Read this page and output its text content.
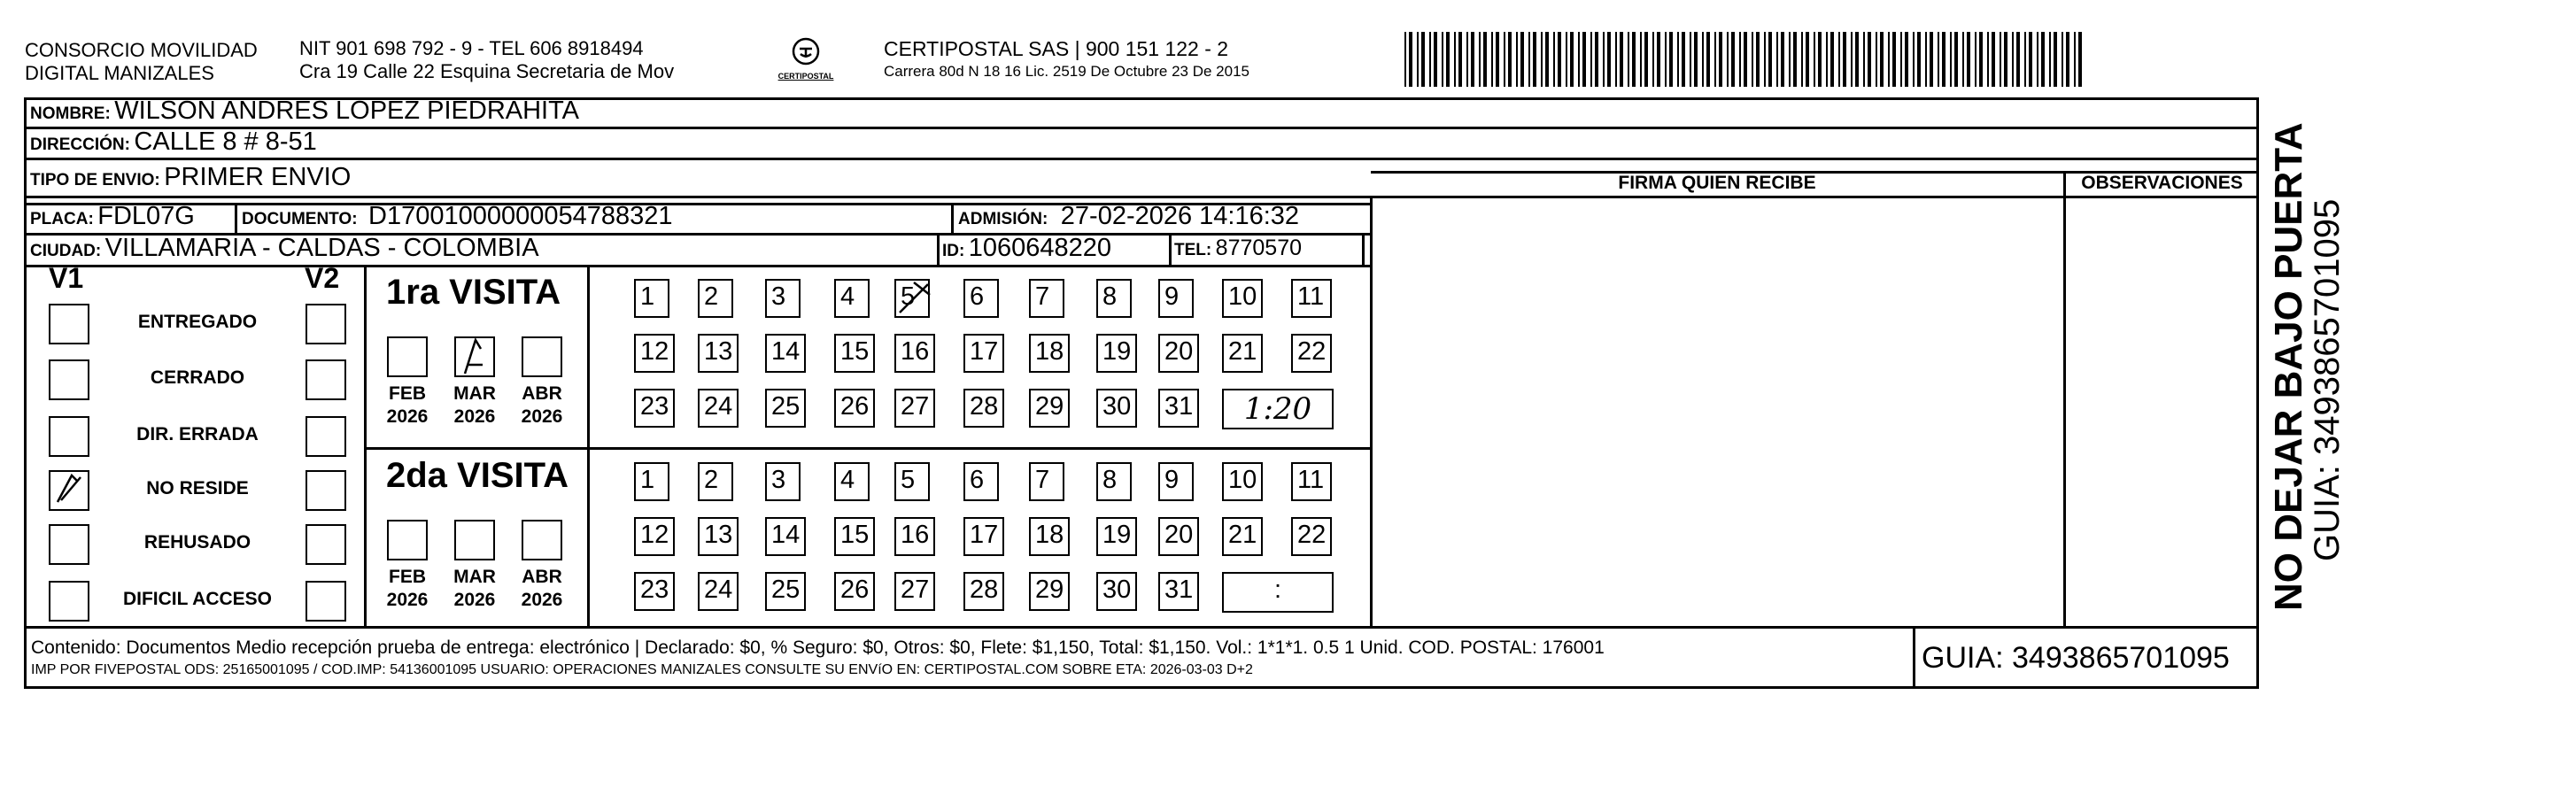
CONSORCIO MOVILIDAD
DIGITAL MANIZALES
NIT 901 698 792 - 9 - TEL 606 8918494
Cra 19 Calle 22 Esquina Secretaria de Mov	CERTIPOSTAL
CERTIPOSTAL SAS | 900 151 122 - 2
Carrera 80d N 18 16 Lic. 2519 De Octubre 23 De 2015
NOMBRE: WILSON ANDRES LOPEZ PIEDRAHITA
DIRECCIÓN: CALLE 8 # 8-51
TIPO DE ENVIO: PRIMER ENVIO
PLACA: FDL07G	DOCUMENTO: D17001000000054788321	ADMISIÓN: 27-02-2026 14:16:32
CIUDAD: VILLAMARIA - CALDAS - COLOMBIA	ID: 1060648220	TEL: 8770570
FIRMA QUIEN RECIBE	OBSERVACIONES
V1	V2
ENTREGADO
CERRADO
DIR. ERRADA
NO RESIDE
REHUSADO
DIFICIL ACCESO
1ra VISITA
FEB
2026
MAR
2026
ABR
2026
1	2	3	4	5	6	7	8	9	10 11
12 13 14 15 16 17 18 19 20 21 22
23 24 25 26 27 28 29 30 31	1:20
2da VISITA
FEB
2026
MAR
2026
ABR
2026
1	2	3	4	5	6	7	8	9	10 11
12 13 14 15 16 17 18 19 20 21 22
23 24 25 26 27 28 29 30 31	:
Contenido: Documentos Medio recepción prueba de entrega: electrónico | Declarado: $0, % Seguro: $0, Otros: $0, Flete: $1,150, Total: $1,150. Vol.: 1*1*1. 0.5 1 Unid. COD. POSTAL: 176001
IMP POR FIVEPOSTAL ODS: 25165001095 / COD.IMP: 54136001095 USUARIO: OPERACIONES MANIZALES CONSULTE SU ENVíO EN: CERTIPOSTAL.COM SOBRE ETA: 2026-03-03 D+2	GUIA: 3493865701095
NO DEJAR BAJO PUERTA
GUIA: 3493865701095
